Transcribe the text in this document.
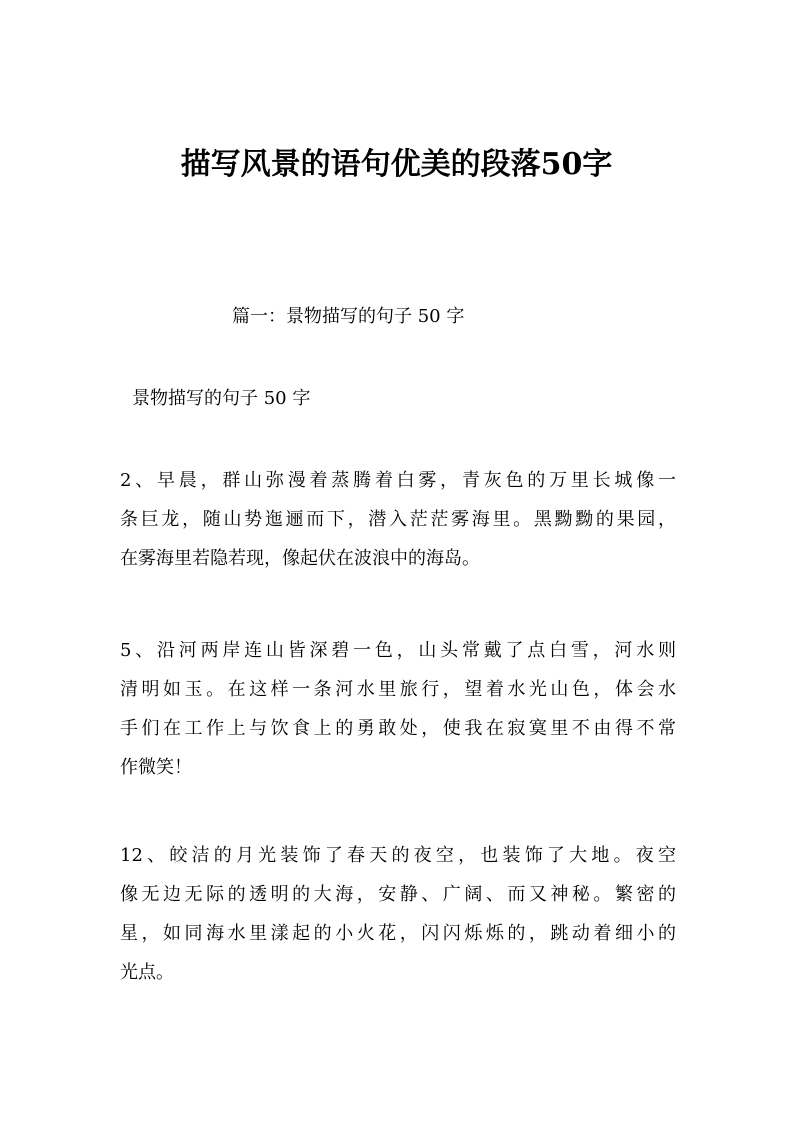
描写风景的语句优美的段落50字
篇一：景物描写的句子 50 字
景物描写的句子 50 字
2、早晨，群山弥漫着蒸腾着白雾，青灰色的万里长城像一
条巨龙，随山势迤逦而下，潜入茫茫雾海里。黑黝黝的果园，
在雾海里若隐若现，像起伏在波浪中的海岛。
5、沿河两岸连山皆深碧一色，山头常戴了点白雪，河水则
清明如玉。在这样一条河水里旅行，望着水光山色，体会水
手们在工作上与饮食上的勇敢处，使我在寂寞里不由得不常
作微笑！
12、皎洁的月光装饰了春天的夜空，也装饰了大地。夜空
像无边无际的透明的大海，安静、广阔、而又神秘。繁密的
星，如同海水里漾起的小火花，闪闪烁烁的，跳动着细小的
光点。
